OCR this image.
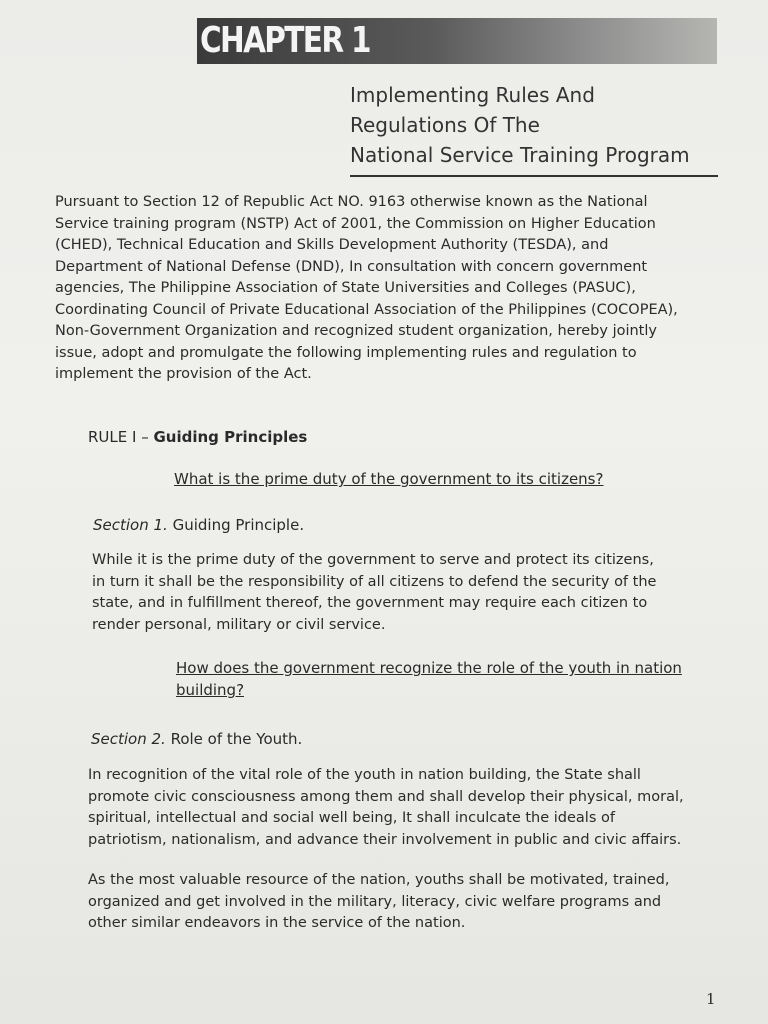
CHAPTER 1
Implementing Rules And
Regulations Of The
National Service Training Program
Pursuant to Section 12 of Republic Act NO. 9163 otherwise known as the National
Service training program (NSTP) Act of 2001, the Commission on Higher Education
(CHED), Technical Education and Skills Development Authority (TESDA), and
Department of National Defense (DND), In consultation with concern government
agencies, The Philippine Association of State Universities and Colleges (PASUC),
Coordinating Council of Private Educational Association of the Philippines (COCOPEA),
Non-Government Organization and recognized student organization, hereby jointly
issue, adopt and promulgate the following implementing rules and regulation to
implement the provision of the Act.
RULE I – Guiding Principles
What is the prime duty of the government to its citizens?
Section 1. Guiding Principle.
While it is the prime duty of the government to serve and protect its citizens,
in turn it shall be the responsibility of all citizens to defend the security of the
state, and in fulfillment thereof, the government may require each citizen to
render personal, military or civil service.
How does the government recognize the role of the youth in nation
building?
Section 2. Role of the Youth.
In recognition of the vital role of the youth in nation building, the State shall
promote civic consciousness among them and shall develop their physical, moral,
spiritual, intellectual and social well being, It shall inculcate the ideals of
patriotism, nationalism, and advance their involvement in public and civic affairs.
As the most valuable resource of the nation, youths shall be motivated, trained,
organized and get involved in the military, literacy, civic welfare programs and
other similar endeavors in the service of the nation.
1
